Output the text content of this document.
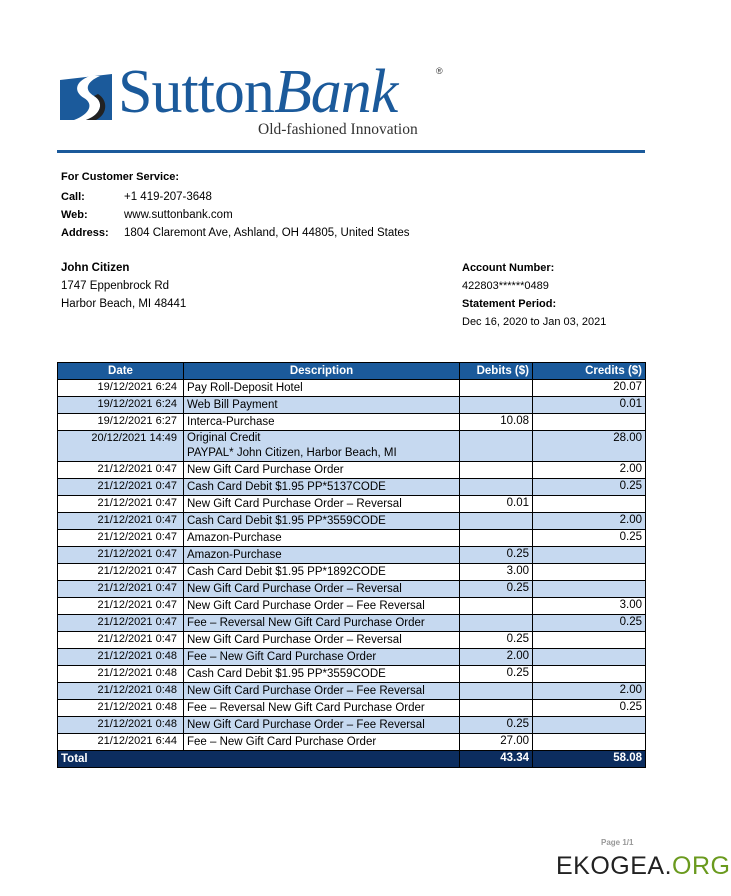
SuttonBank	®
Old-fashioned Innovation
For Customer Service:
Call:	+1 419-207-3648
Web:	www.suttonbank.com
Address:	1804 Claremont Ave, Ashland, OH 44805, United States
John Citizen
1747 Eppenbrock Rd
Harbor Beach, MI 48441
Account Number:
422803******0489
Statement Period:
Dec 16, 2020 to Jan 03, 2021
Date	Description	Debits ($)	Credits ($)
19/12/2021 6:24	Pay Roll-Deposit Hotel		20.07
19/12/2021 6:24	Web Bill Payment		0.01
19/12/2021 6:27	Interca-Purchase	10.08	
20/12/2021 14:49	Original Credit
PAYPAL* John Citizen, Harbor Beach, MI		28.00
21/12/2021 0:47	New Gift Card Purchase Order		2.00
21/12/2021 0:47	Cash Card Debit $1.95 PP*5137CODE		0.25
21/12/2021 0:47	New Gift Card Purchase Order – Reversal	0.01	
21/12/2021 0:47	Cash Card Debit $1.95 PP*3559CODE		2.00
21/12/2021 0:47	Amazon-Purchase		0.25
21/12/2021 0:47	Amazon-Purchase	0.25	
21/12/2021 0:47	Cash Card Debit $1.95 PP*1892CODE	3.00	
21/12/2021 0:47	New Gift Card Purchase Order – Reversal	0.25	
21/12/2021 0:47	New Gift Card Purchase Order – Fee Reversal		3.00
21/12/2021 0:47	Fee – Reversal New Gift Card Purchase Order		0.25
21/12/2021 0:47	New Gift Card Purchase Order – Reversal	0.25	
21/12/2021 0:48	Fee – New Gift Card Purchase Order	2.00	
21/12/2021 0:48	Cash Card Debit $1.95 PP*3559CODE	0.25	
21/12/2021 0:48	New Gift Card Purchase Order – Fee Reversal		2.00
21/12/2021 0:48	Fee – Reversal New Gift Card Purchase Order		0.25
21/12/2021 0:48	New Gift Card Purchase Order – Fee Reversal	0.25	
21/12/2021 6:44	Fee – New Gift Card Purchase Order	27.00	
Total		43.34	58.08
Page 1/1
EKOGEA.ORG
